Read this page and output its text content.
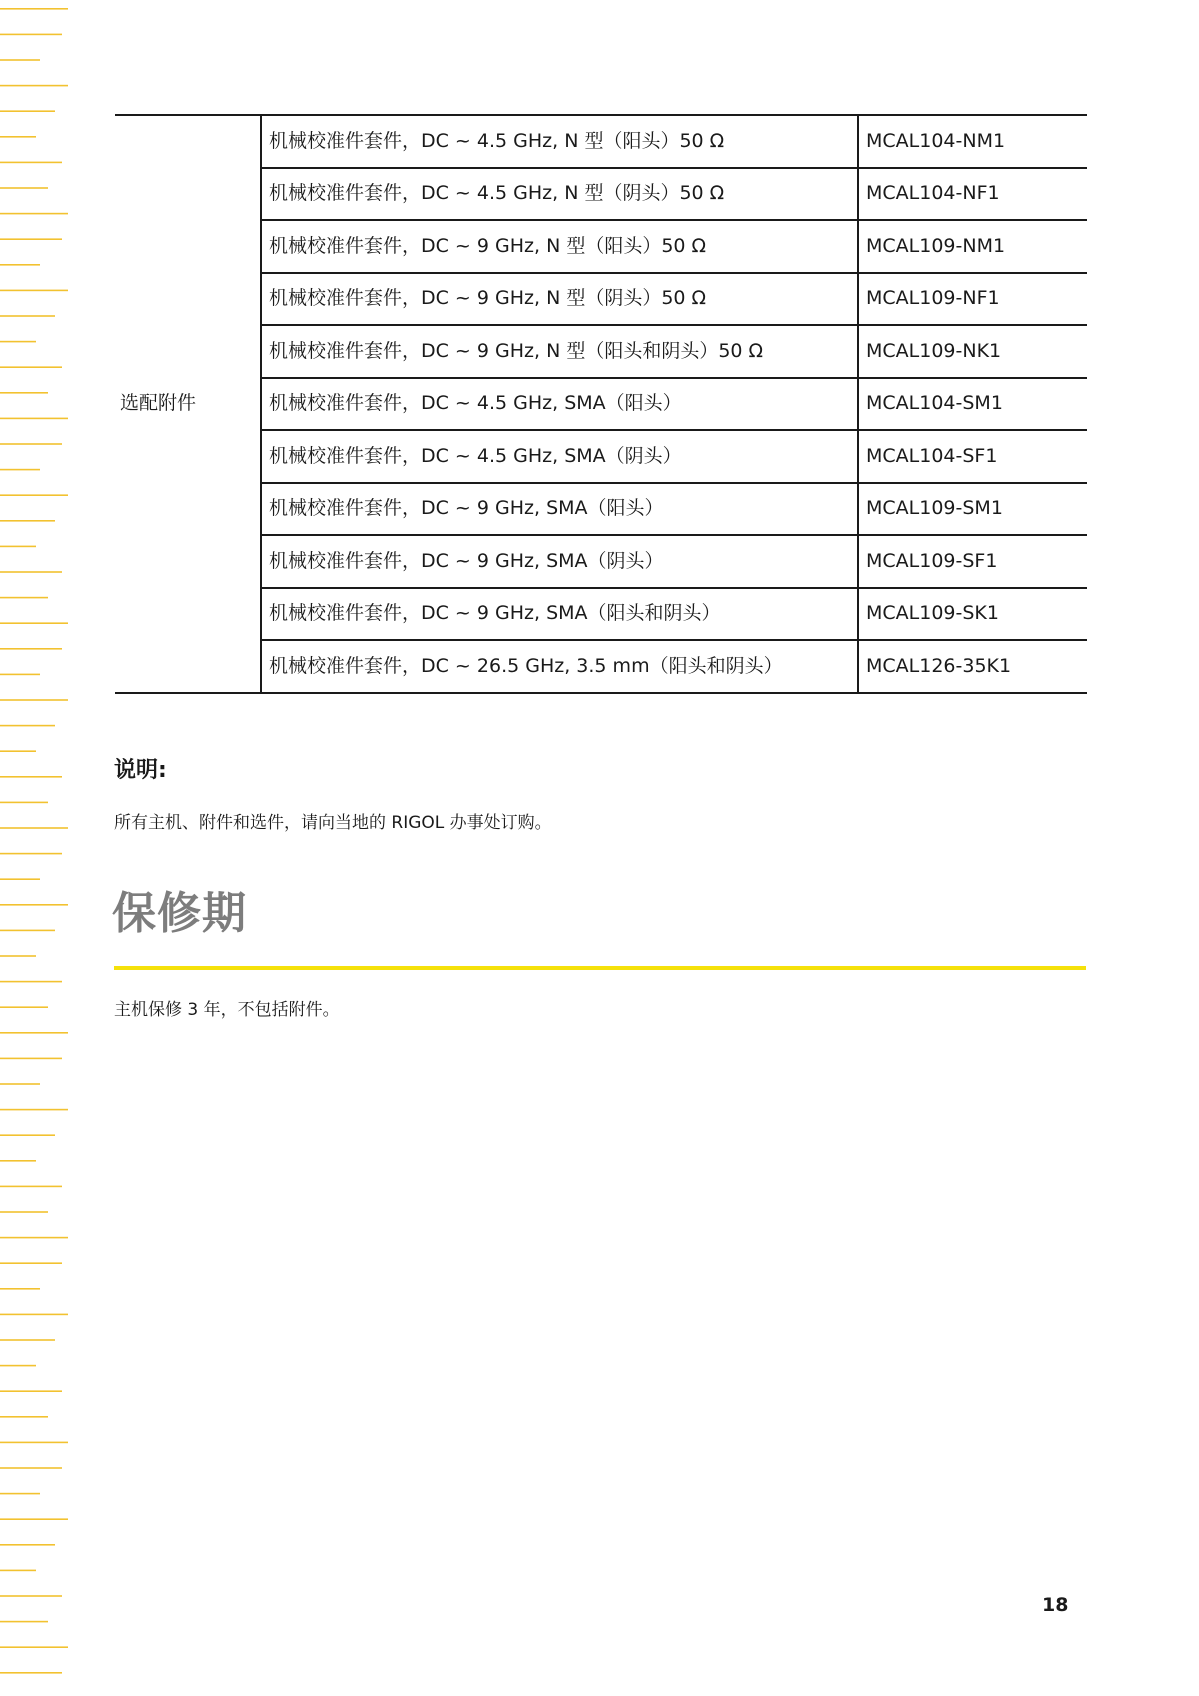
选配附件	机械校准件套件，DC ~ 4.5 GHz, N 型（阳头）50 Ω	MCAL104-NM1
	机械校准件套件，DC ~ 4.5 GHz, N 型（阴头）50 Ω	MCAL104-NF1
	机械校准件套件，DC ~ 9 GHz, N 型（阳头）50 Ω	MCAL109-NM1
	机械校准件套件，DC ~ 9 GHz, N 型（阴头）50 Ω	MCAL109-NF1
	机械校准件套件，DC ~ 9 GHz, N 型（阳头和阴头）50 Ω	MCAL109-NK1
	机械校准件套件，DC ~ 4.5 GHz, SMA（阳头）	MCAL104-SM1
	机械校准件套件，DC ~ 4.5 GHz, SMA（阴头）	MCAL104-SF1
	机械校准件套件，DC ~ 9 GHz, SMA（阳头）	MCAL109-SM1
	机械校准件套件，DC ~ 9 GHz, SMA（阴头）	MCAL109-SF1
	机械校准件套件，DC ~ 9 GHz, SMA（阳头和阴头）	MCAL109-SK1
	机械校准件套件，DC ~ 26.5 GHz, 3.5 mm（阳头和阴头）	MCAL126-35K1

说明:

所有主机、附件和选件，请向当地的 RIGOL 办事处订购。

保修期

主机保修 3 年，不包括附件。

18
